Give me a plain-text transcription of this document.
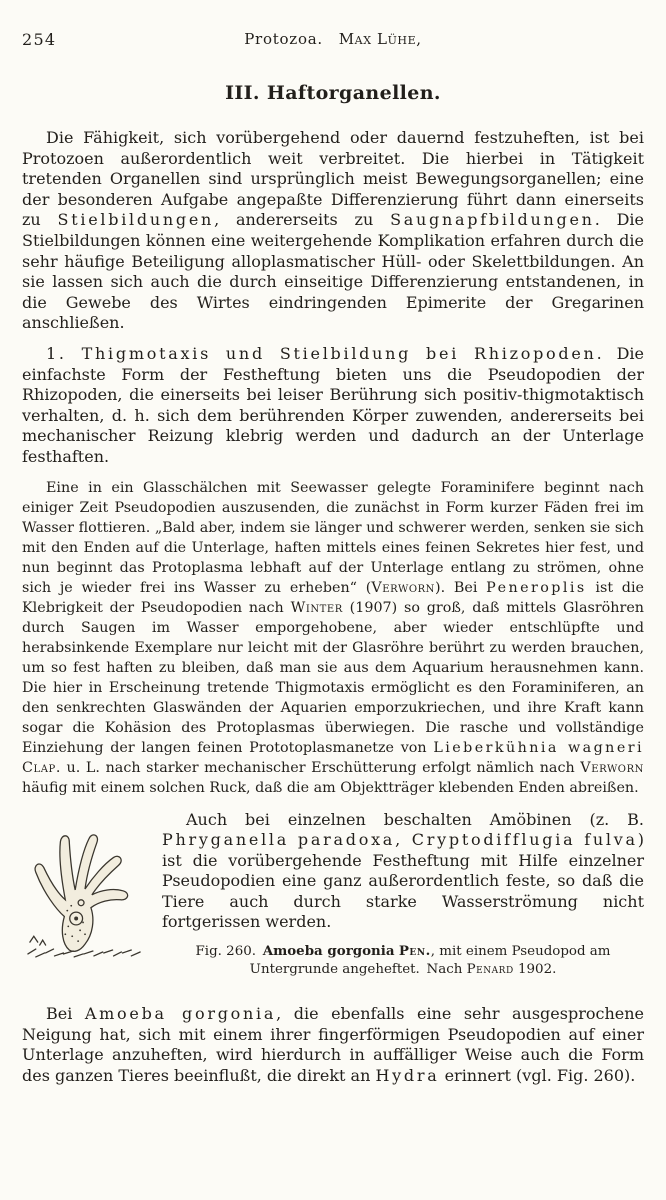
254	Protozoa. Max Lühe,
III. Haftorganellen.

Die Fähigkeit, sich vorübergehend oder dauernd festzuheften, ist bei Protozoen außerordentlich weit verbreitet. Die hierbei in Tätigkeit tretenden Organellen sind ursprünglich meist Bewegungsorganellen; eine der besonderen Aufgabe angepaßte Differenzierung führt dann einerseits zu Stielbildungen, andererseits zu Saugnapfbildungen. Die Stielbildungen können eine weitergehende Komplikation erfahren durch die sehr häufige Beteiligung alloplasmatischer Hüll- oder Skelettbildungen. An sie lassen sich auch die durch einseitige Differenzierung entstandenen, in die Gewebe des Wirtes eindringenden Epimerite der Gregarinen anschließen.

1. Thigmotaxis und Stielbildung bei Rhizopoden. Die einfachste Form der Festheftung bieten uns die Pseudopodien der Rhizopoden, die einerseits bei leiser Berührung sich positiv-thigmotaktisch verhalten, d. h. sich dem berührenden Körper zuwenden, andererseits bei mechanischer Reizung klebrig werden und dadurch an der Unterlage festhaften.

Eine in ein Glasschälchen mit Seewasser gelegte Foraminifere beginnt nach einiger Zeit Pseudopodien auszusenden, die zunächst in Form kurzer Fäden frei im Wasser flottieren. „Bald aber, indem sie länger und schwerer werden, senken sie sich mit den Enden auf die Unterlage, haften mittels eines feinen Sekretes hier fest, und nun beginnt das Protoplasma lebhaft auf der Unterlage entlang zu strömen, ohne sich je wieder frei ins Wasser zu erheben“ (Verworn). Bei Peneroplis ist die Klebrigkeit der Pseudopodien nach Winter (1907) so groß, daß mittels Glasröhren durch Saugen im Wasser emporgehobene, aber wieder entschlüpfte und herabsinkende Exemplare nur leicht mit der Glasröhre berührt zu werden brauchen, um so fest haften zu bleiben, daß man sie aus dem Aquarium herausnehmen kann. Die hier in Erscheinung tretende Thigmotaxis ermöglicht es den Foraminiferen, an den senkrechten Glaswänden der Aquarien emporzukriechen, und ihre Kraft kann sogar die Kohäsion des Protoplasmas überwiegen. Die rasche und vollständige Einziehung der langen feinen Prototoplasmanetze von Lieberkühnia wagneri Clap. u. L. nach starker mechanischer Erschütterung erfolgt nämlich nach Verworn häufig mit einem solchen Ruck, daß die am Objektträger klebenden Enden abreißen.

Auch bei einzelnen beschalten Amöbinen (z. B. Phryganella paradoxa, Cryptodifflugia fulva) ist die vorübergehende Festheftung mit Hilfe einzelner Pseudopodien eine ganz außerordentlich feste, so daß die Tiere auch durch starke Wasserströmung nicht fortgerissen werden.

Fig. 260. Amoeba gorgonia Pen., mit einem Pseudopod am Untergrunde angeheftet. Nach Penard 1902.

Bei Amoeba gorgonia, die ebenfalls eine sehr ausgesprochene Neigung hat, sich mit einem ihrer fingerförmigen Pseudopodien auf einer Unterlage anzuheften, wird hierdurch in auffälliger Weise auch die Form des ganzen Tieres beeinflußt, die direkt an Hydra erinnert (vgl. Fig. 260).
